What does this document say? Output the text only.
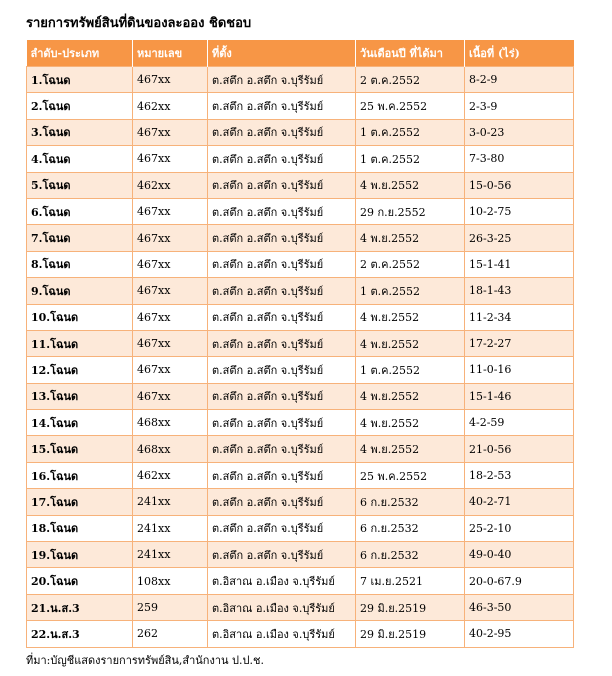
รายการทรัพย์สินที่ดินของละออง ชิดชอบ
ลำดับ-ประเภท	หมายเลข	ที่ตั้ง	วันเดือนปี ที่ได้มา	เนื้อที่ (ไร่)
1.โฉนด	467xx	ต.สตึก อ.สตึก จ.บุรีรัมย์	2 ต.ค.2552	8-2-9
2.โฉนด	462xx	ต.สตึก อ.สตึก จ.บุรีรัมย์	25 พ.ค.2552	2-3-9
3.โฉนด	467xx	ต.สตึก อ.สตึก จ.บุรีรัมย์	1 ต.ค.2552	3-0-23
4.โฉนด	467xx	ต.สตึก อ.สตึก จ.บุรีรัมย์	1 ต.ค.2552	7-3-80
5.โฉนด	462xx	ต.สตึก อ.สตึก จ.บุรีรัมย์	4 พ.ย.2552	15-0-56
6.โฉนด	467xx	ต.สตึก อ.สตึก จ.บุรีรัมย์	29 ก.ย.2552	10-2-75
7.โฉนด	467xx	ต.สตึก อ.สตึก จ.บุรีรัมย์	4 พ.ย.2552	26-3-25
8.โฉนด	467xx	ต.สตึก อ.สตึก จ.บุรีรัมย์	2 ต.ค.2552	15-1-41
9.โฉนด	467xx	ต.สตึก อ.สตึก จ.บุรีรัมย์	1 ต.ค.2552	18-1-43
10.โฉนด	467xx	ต.สตึก อ.สตึก จ.บุรีรัมย์	4 พ.ย.2552	11-2-34
11.โฉนด	467xx	ต.สตึก อ.สตึก จ.บุรีรัมย์	4 พ.ย.2552	17-2-27
12.โฉนด	467xx	ต.สตึก อ.สตึก จ.บุรีรัมย์	1 ต.ค.2552	11-0-16
13.โฉนด	467xx	ต.สตึก อ.สตึก จ.บุรีรัมย์	4 พ.ย.2552	15-1-46
14.โฉนด	468xx	ต.สตึก อ.สตึก จ.บุรีรัมย์	4 พ.ย.2552	4-2-59
15.โฉนด	468xx	ต.สตึก อ.สตึก จ.บุรีรัมย์	4 พ.ย.2552	21-0-56
16.โฉนด	462xx	ต.สตึก อ.สตึก จ.บุรีรัมย์	25 พ.ค.2552	18-2-53
17.โฉนด	241xx	ต.สตึก อ.สตึก จ.บุรีรัมย์	6 ก.ย.2532	40-2-71
18.โฉนด	241xx	ต.สตึก อ.สตึก จ.บุรีรัมย์	6 ก.ย.2532	25-2-10
19.โฉนด	241xx	ต.สตึก อ.สตึก จ.บุรีรัมย์	6 ก.ย.2532	49-0-40
20.โฉนด	108xx	ต.อิสาณ อ.เมือง จ.บุรีรัมย์	7 เม.ย.2521	20-0-67.9
21.น.ส.3	259	ต.อิสาณ อ.เมือง จ.บุรีรัมย์	29 มิ.ย.2519	46-3-50
22.น.ส.3	262	ต.อิสาณ อ.เมือง จ.บุรีรัมย์	29 มิ.ย.2519	40-2-95
ที่มา:บัญชีแสดงรายการทรัพย์สิน,สำนักงาน ป.ป.ช.
